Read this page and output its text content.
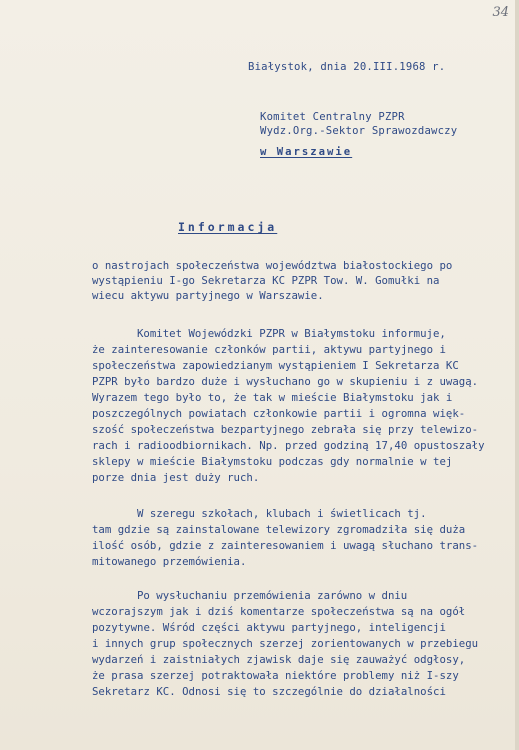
34
Białystok, dnia 20.III.1968 r.
Komitet Centralny PZPR
Wydz.Org.-Sektor Sprawozdawczy
w Warszawie
Informacja
o nastrojach społeczeństwa województwa białostockiego po
wystąpieniu I-go Sekretarza KC PZPR Tow. W. Gomułki na
wiecu aktywu partyjnego w Warszawie.
Komitet Wojewódzki PZPR w Białymstoku informuje,
że zainteresowanie członków partii, aktywu partyjnego i
społeczeństwa zapowiedzianym wystąpieniem I Sekretarza KC
PZPR było bardzo duże i wysłuchano go w skupieniu i z uwagą.
Wyrazem tego było to, że tak w mieście Białymstoku jak i
poszczególnych powiatach członkowie partii i ogromna więk-
szość społeczeństwa bezpartyjnego zebrała się przy telewizo-
rach i radioodbiornikach. Np. przed godziną 17,40 opustoszały
sklepy w mieście Białymstoku podczas gdy normalnie w tej
porze dnia jest duży ruch.
W szeregu szkołach, klubach i świetlicach tj.
tam gdzie są zainstalowane telewizory zgromadziła się duża
ilość osób, gdzie z zainteresowaniem i uwagą słuchano trans-
mitowanego przemówienia.
Po wysłuchaniu przemówienia zarówno w dniu
wczorajszym jak i dziś komentarze społeczeństwa są na ogół
pozytywne. Wśród części aktywu partyjnego, inteligencji
i innych grup społecznych szerzej zorientowanych w przebiegu
wydarzeń i zaistniałych zjawisk daje się zauważyć odgłosy,
że prasa szerzej potraktowała niektóre problemy niż I-szy
Sekretarz KC. Odnosi się to szczególnie do działalności
